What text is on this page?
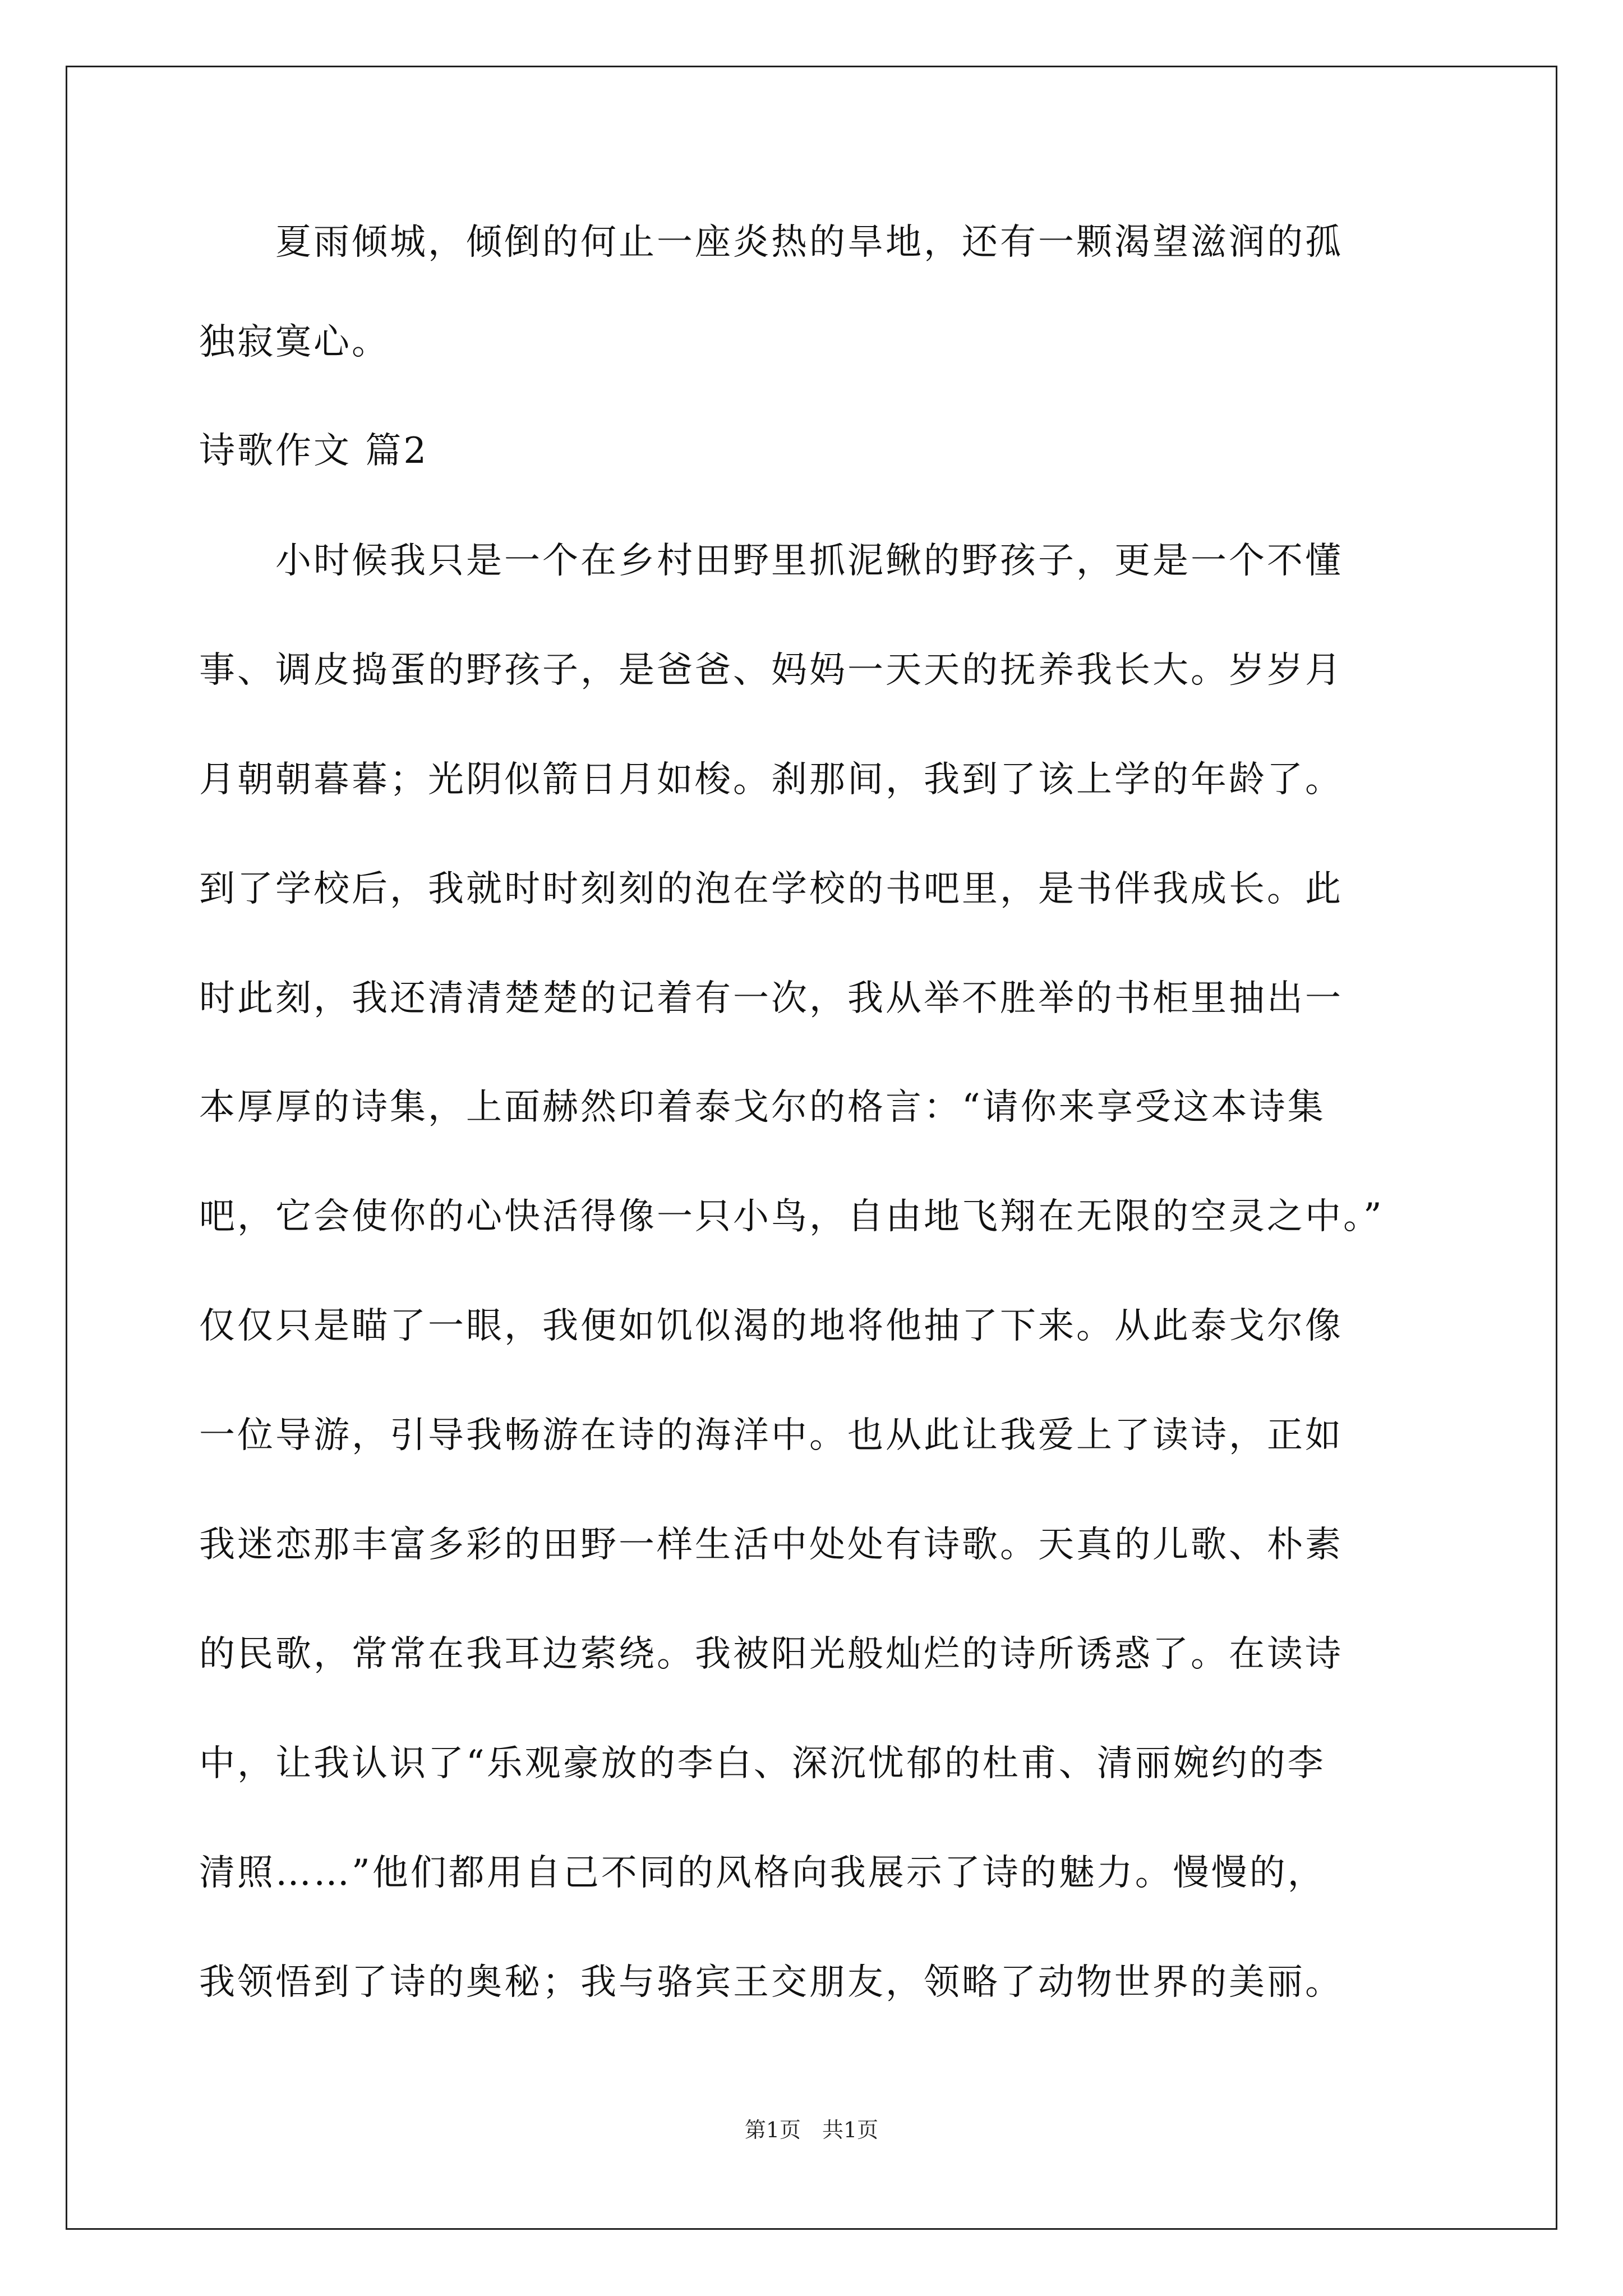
　　夏雨倾城，倾倒的何止一座炎热的旱地，还有一颗渴望滋润的孤
独寂寞心。
诗歌作文 篇2
　　小时候我只是一个在乡村田野里抓泥鳅的野孩子，更是一个不懂
事、调皮捣蛋的野孩子，是爸爸、妈妈一天天的抚养我长大。岁岁月
月朝朝暮暮；光阴似箭日月如梭。刹那间，我到了该上学的年龄了。
到了学校后，我就时时刻刻的泡在学校的书吧里，是书伴我成长。此
时此刻，我还清清楚楚的记着有一次，我从举不胜举的书柜里抽出一
本厚厚的诗集，上面赫然印着泰戈尔的格言：“请你来享受这本诗集
吧，它会使你的心快活得像一只小鸟，自由地飞翔在无限的空灵之中。”
仅仅只是瞄了一眼，我便如饥似渴的地将他抽了下来。从此泰戈尔像
一位导游，引导我畅游在诗的海洋中。也从此让我爱上了读诗，正如
我迷恋那丰富多彩的田野一样生活中处处有诗歌。天真的儿歌、朴素
的民歌，常常在我耳边萦绕。我被阳光般灿烂的诗所诱惑了。在读诗
中，让我认识了“乐观豪放的李白、深沉忧郁的杜甫、清丽婉约的李
清照……”他们都用自己不同的风格向我展示了诗的魅力。慢慢的，
我领悟到了诗的奥秘；我与骆宾王交朋友，领略了动物世界的美丽。
第1页　共1页
